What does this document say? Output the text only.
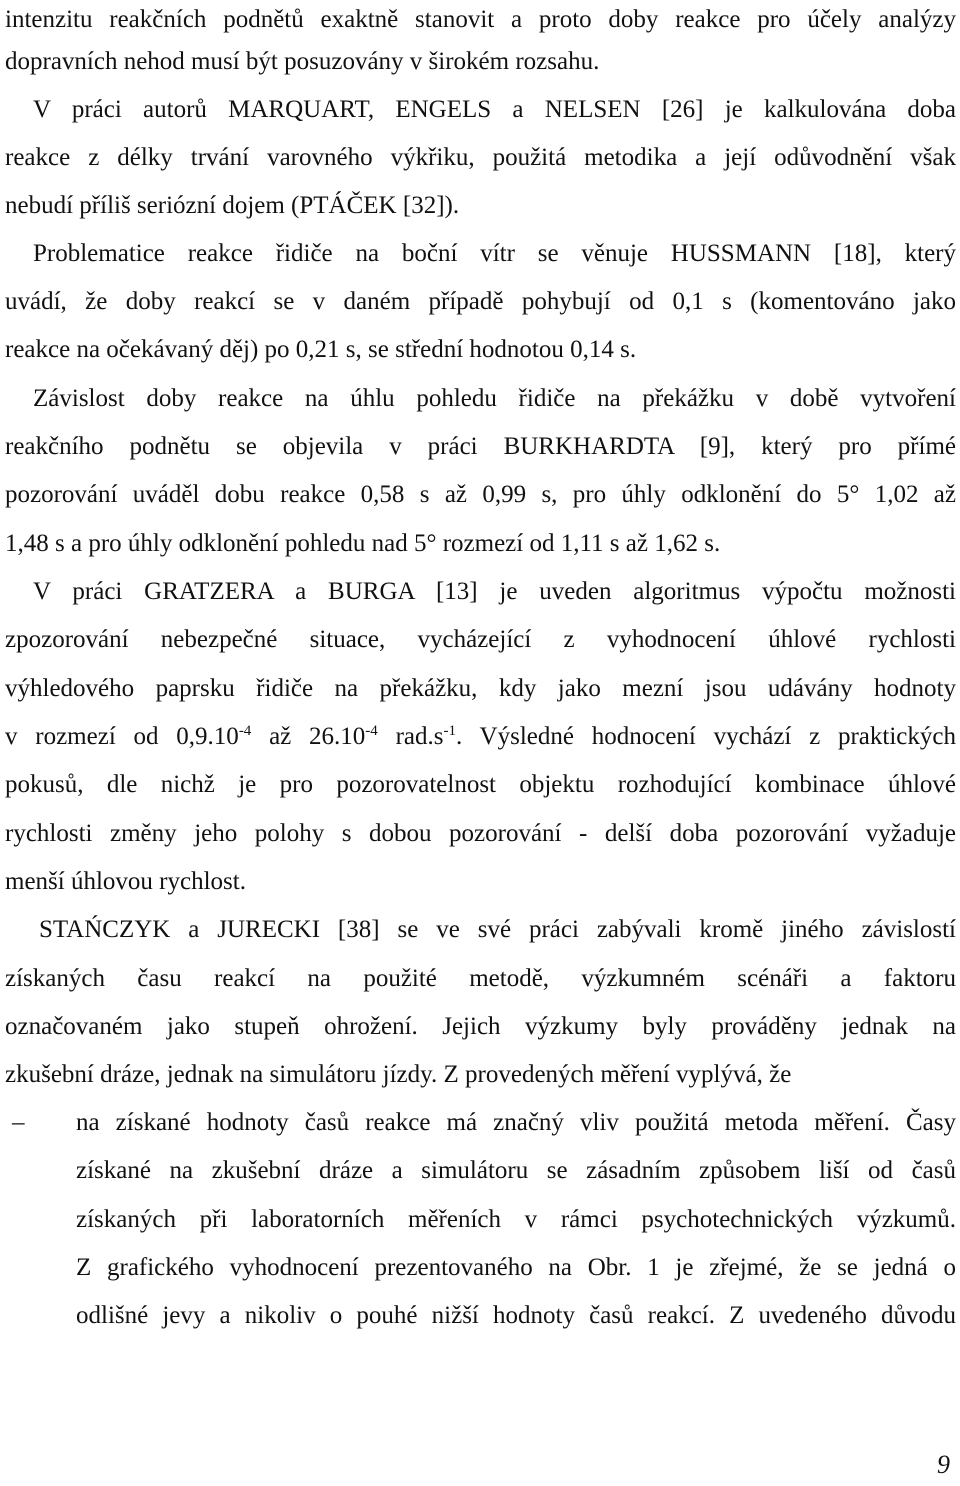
intenzitu reakčních podnětů exaktně stanovit a proto doby reakce pro účely analýzy
dopravních nehod musí být posuzovány v širokém rozsahu.
V práci autorů MARQUART, ENGELS a NELSEN [26] je kalkulována doba
reakce z délky trvání varovného výkřiku, použitá metodika a její odůvodnění však
nebudí příliš seriózní dojem (PTÁČEK [32]).
Problematice reakce řidiče na boční vítr se věnuje HUSSMANN [18], který
uvádí, že doby reakcí se v daném případě pohybují od 0,1 s (komentováno jako
reakce na očekávaný děj) po 0,21 s, se střední hodnotou 0,14 s.
Závislost doby reakce na úhlu pohledu řidiče na překážku v době vytvoření
reakčního podnětu se objevila v práci BURKHARDTA [9], který pro přímé
pozorování uváděl dobu reakce 0,58 s až 0,99 s, pro úhly odklonění do 5° 1,02 až
1,48 s a pro úhly odklonění pohledu nad 5° rozmezí od 1,11 s až 1,62 s.
V práci GRATZERA a BURGA [13] je uveden algoritmus výpočtu možnosti
zpozorování nebezpečné situace, vycházející z vyhodnocení úhlové rychlosti
výhledového paprsku řidiče na překážku, kdy jako mezní jsou udávány hodnoty
v rozmezí od $0,9.10^{-4}$ až $26.10^{-4}$ $rad.s^{-1}$. Výsledné hodnocení vychází z praktických
pokusů, dle nichž je pro pozorovatelnost objektu rozhodující kombinace úhlové
rychlosti změny jeho polohy s dobou pozorování - delší doba pozorování vyžaduje
menší úhlovou rychlost.
STAŃCZYK a JURECKI [38] se ve své práci zabývali kromě jiného závislostí
získaných času reakcí na použité metodě, výzkumném scénáři a faktoru
označovaném jako stupeň ohrožení. Jejich výzkumy byly prováděny jednak na
zkušební dráze, jednak na simulátoru jízdy. Z provedených měření vyplývá, že
–	na získané hodnoty časů reakce má značný vliv použitá metoda měření. Časy
získané na zkušební dráze a simulátoru se zásadním způsobem liší od časů
získaných při laboratorních měřeních v rámci psychotechnických výzkumů.
Z grafického vyhodnocení prezentovaného na Obr. 1 je zřejmé, že se jedná o
odlišné jevy a nikoliv o pouhé nižší hodnoty časů reakcí. Z uvedeného důvodu
9
